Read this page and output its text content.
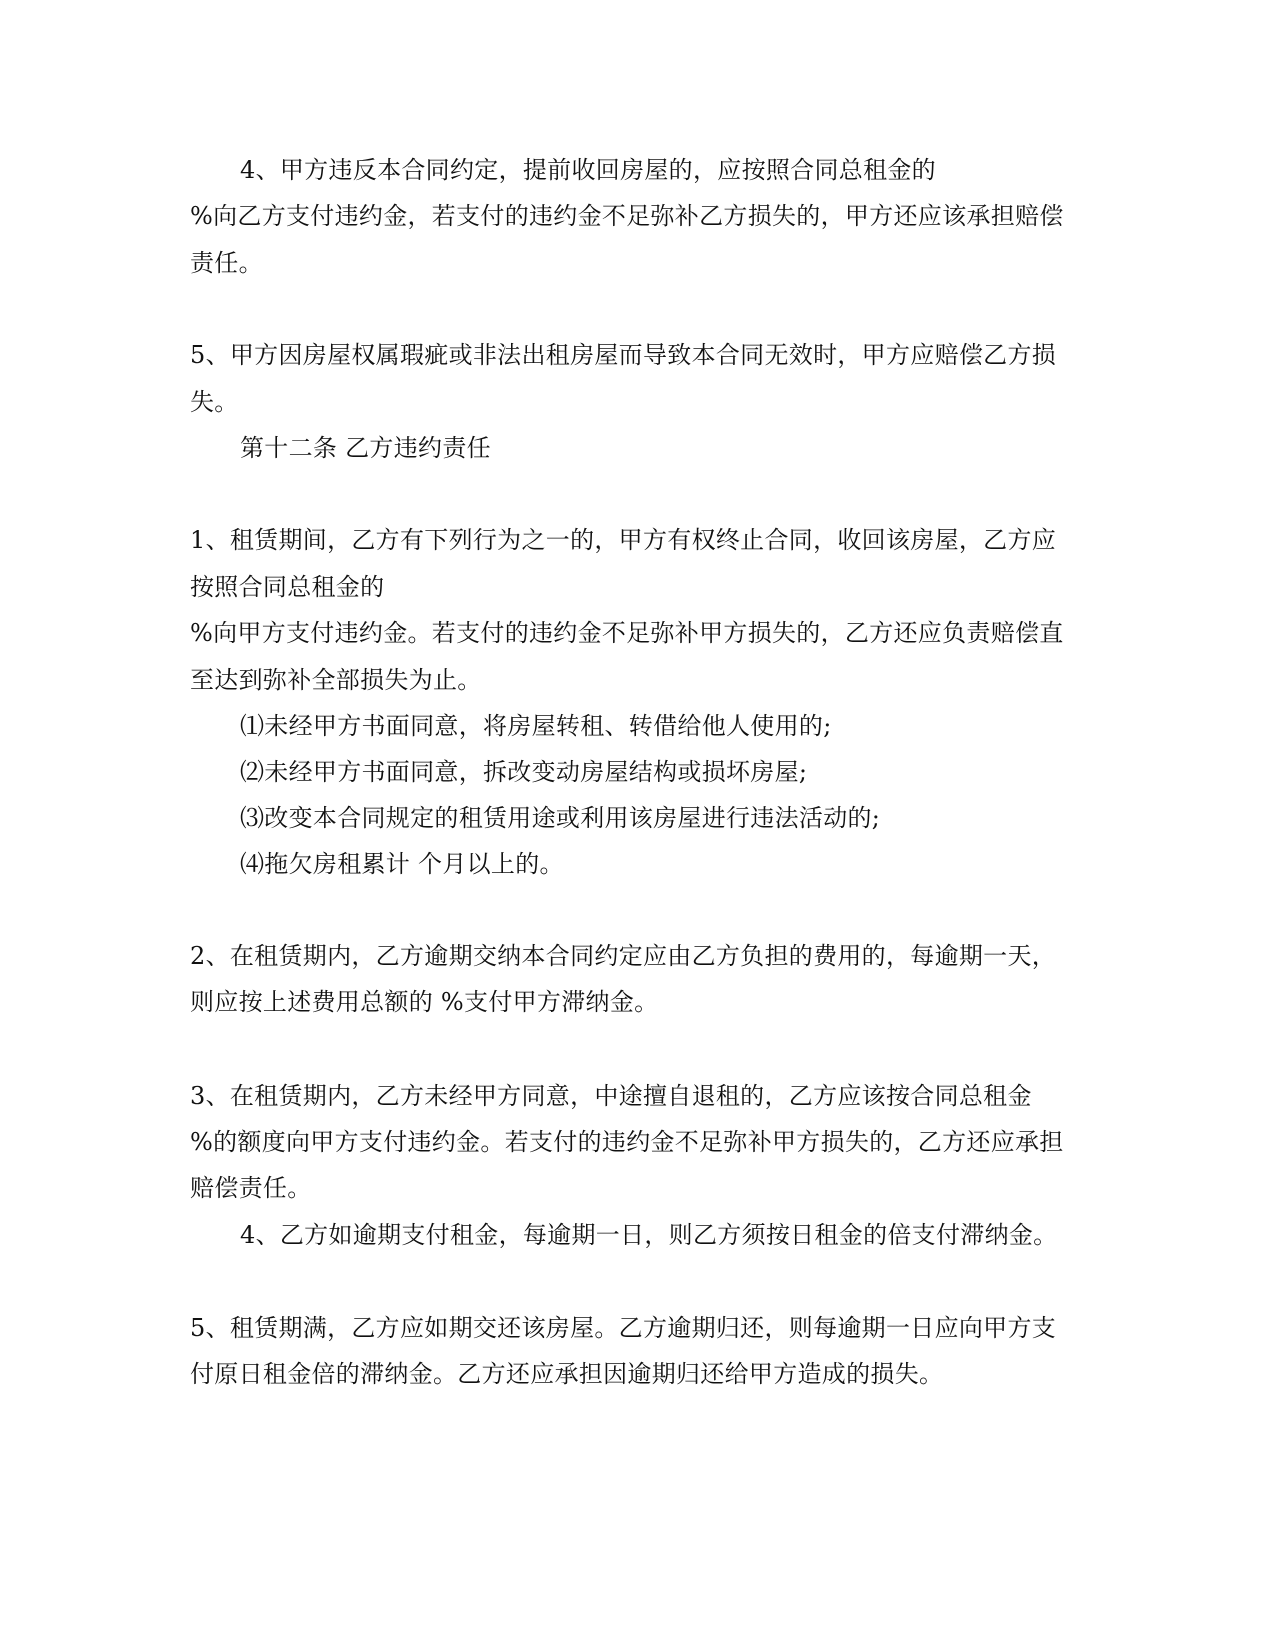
4、甲方违反本合同约定，提前收回房屋的，应按照合同总租金的
%向乙方支付违约金，若支付的违约金不足弥补乙方损失的，甲方还应该承担赔偿
责任。
5、甲方因房屋权属瑕疵或非法出租房屋而导致本合同无效时，甲方应赔偿乙方损
失。
第十二条 乙方违约责任
1、租赁期间，乙方有下列行为之一的，甲方有权终止合同，收回该房屋，乙方应
按照合同总租金的
%向甲方支付违约金。若支付的违约金不足弥补甲方损失的，乙方还应负责赔偿直
至达到弥补全部损失为止。
⑴未经甲方书面同意，将房屋转租、转借给他人使用的;
⑵未经甲方书面同意，拆改变动房屋结构或损坏房屋;
⑶改变本合同规定的租赁用途或利用该房屋进行违法活动的;
⑷拖欠房租累计 个月以上的。
2、在租赁期内，乙方逾期交纳本合同约定应由乙方负担的费用的，每逾期一天，
则应按上述费用总额的 %支付甲方滞纳金。
3、在租赁期内，乙方未经甲方同意，中途擅自退租的，乙方应该按合同总租金
%的额度向甲方支付违约金。若支付的违约金不足弥补甲方损失的，乙方还应承担
赔偿责任。
4、乙方如逾期支付租金，每逾期一日，则乙方须按日租金的倍支付滞纳金。
5、租赁期满，乙方应如期交还该房屋。乙方逾期归还，则每逾期一日应向甲方支
付原日租金倍的滞纳金。乙方还应承担因逾期归还给甲方造成的损失。
